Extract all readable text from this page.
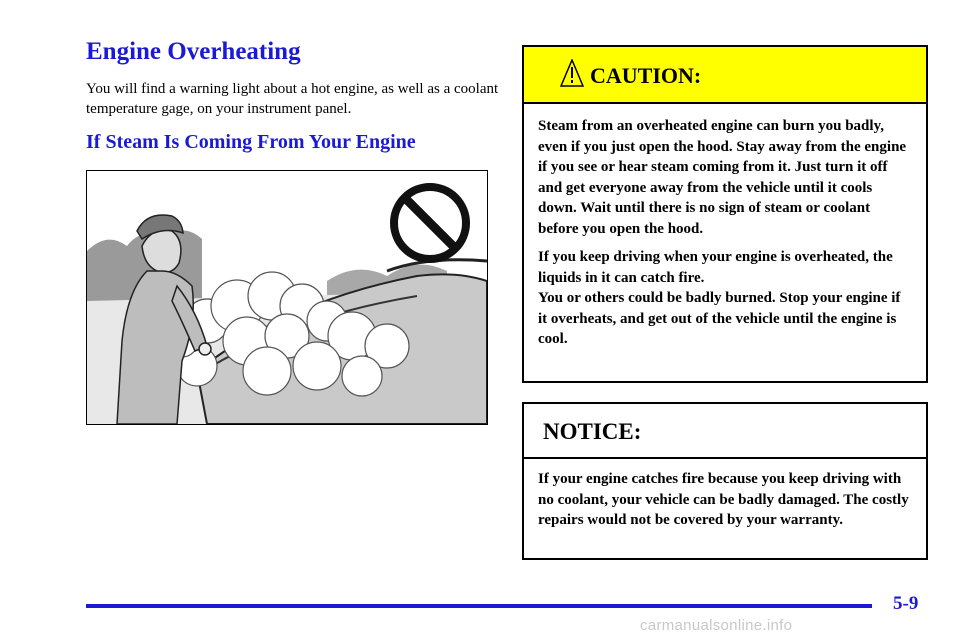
Engine Overheating

You will find a warning light about a hot engine, as well as a coolant temperature gage, on your instrument panel.

If Steam Is Coming From Your Engine
CAUTION:

Steam from an overheated engine can burn you badly, even if you just open the hood. Stay away from the engine if you see or hear steam coming from it. Just turn it off and get everyone away from the vehicle until it cools down. Wait until there is no sign of steam or coolant before you open the hood.

If you keep driving when your engine is overheated, the liquids in it can catch fire.

You or others could be badly burned. Stop your engine if it overheats, and get out of the vehicle until the engine is cool.

NOTICE:
If your engine catches fire because you keep driving with no coolant, your vehicle can be badly damaged. The costly repairs would not be covered by your warranty.
5-9
carmanualsonline.info
